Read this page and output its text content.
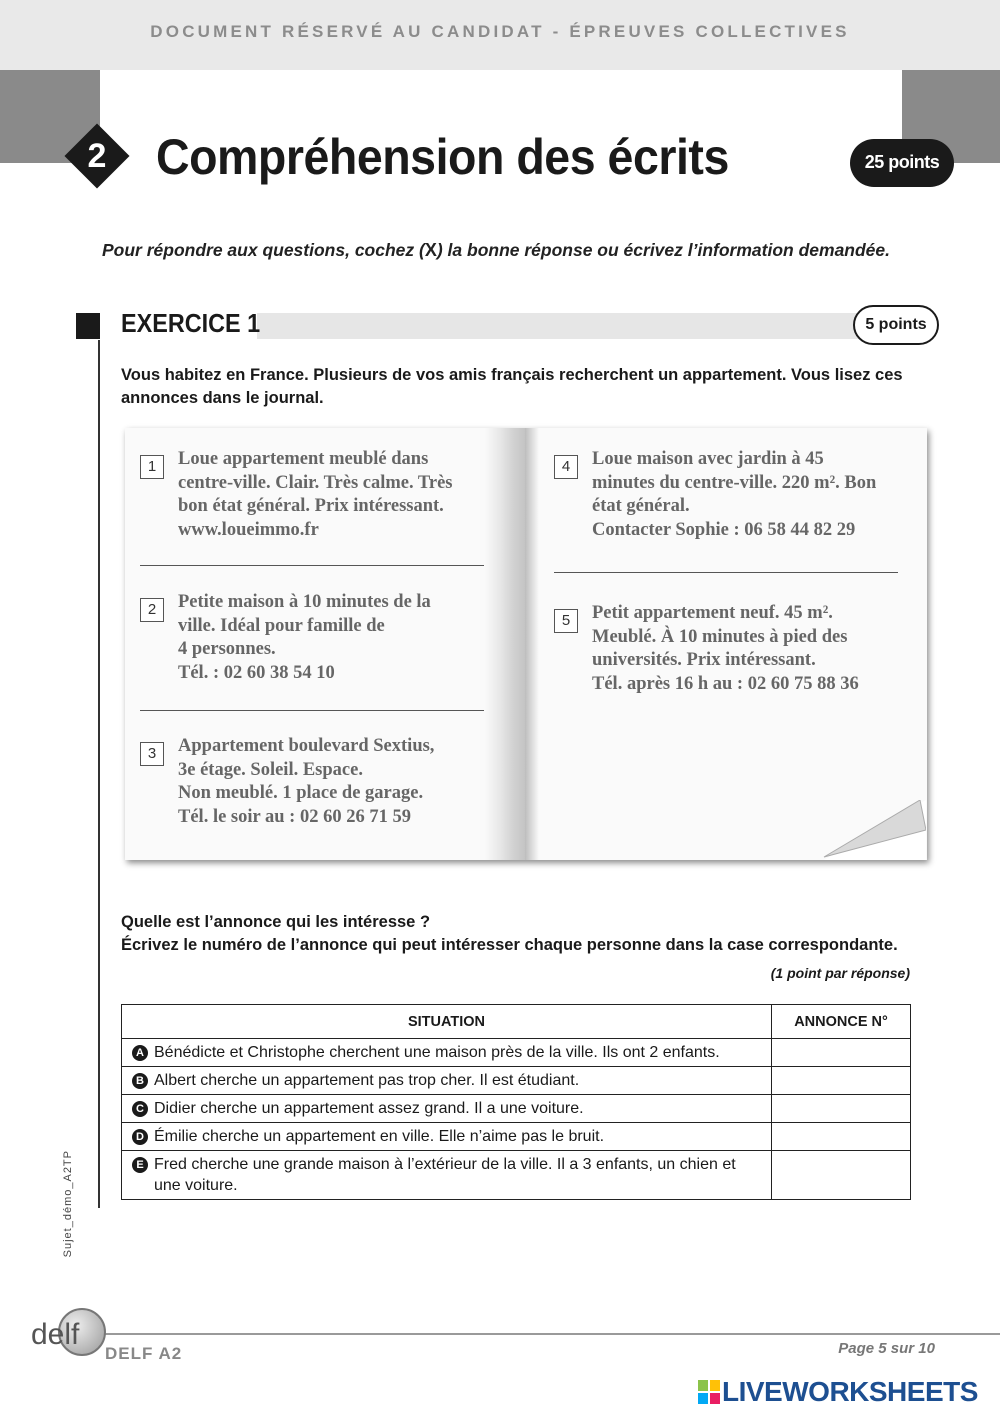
DOCUMENT RÉSERVÉ AU CANDIDAT - ÉPREUVES COLLECTIVES
2 Compréhension des écrits	25 points
Pour répondre aux questions, cochez (X) la bonne réponse ou écrivez l’information demandée.
EXERCICE 1	5 points
Vous habitez en France. Plusieurs de vos amis français recherchent un appartement. Vous lisez ces annonces dans le journal.
1	Loue appartement meublé dans
centre-ville. Clair. Très calme. Très
bon état général. Prix intéressant.
www.loueimmo.fr
2	Petite maison à 10 minutes de la
ville. Idéal pour famille de
4 personnes.
Tél. : 02 60 38 54 10
3	Appartement boulevard Sextius,
3e étage. Soleil. Espace.
Non meublé. 1 place de garage.
Tél. le soir au : 02 60 26 71 59
4	Loue maison avec jardin à 45
minutes du centre-ville. 220 m². Bon
état général.
Contacter Sophie : 06 58 44 82 29
5	Petit appartement neuf. 45 m².
Meublé. À 10 minutes à pied des
universités. Prix intéressant.
Tél. après 16 h au : 02 60 75 88 36
Quelle est l’annonce qui les intéresse ?
Écrivez le numéro de l’annonce qui peut intéresser chaque personne dans la case correspondante.
(1 point par réponse)
SITUATION	ANNONCE N°

A Bénédicte et Christophe cherchent une maison près de la ville. Ils ont 2 enfants.	

B Albert cherche un appartement pas trop cher. Il est étudiant.	

C Didier cherche un appartement assez grand. Il a une voiture.	

D Émilie cherche un appartement en ville. Elle n’aime pas le bruit.	

E Fred cherche une grande maison à l’extérieur de la ville. Il a 3 enfants, un chien et une voiture.	

Sujet_démo_A2TP
delf
DELF A2	Page 5 sur 10
LIVEWORKSHEETS
